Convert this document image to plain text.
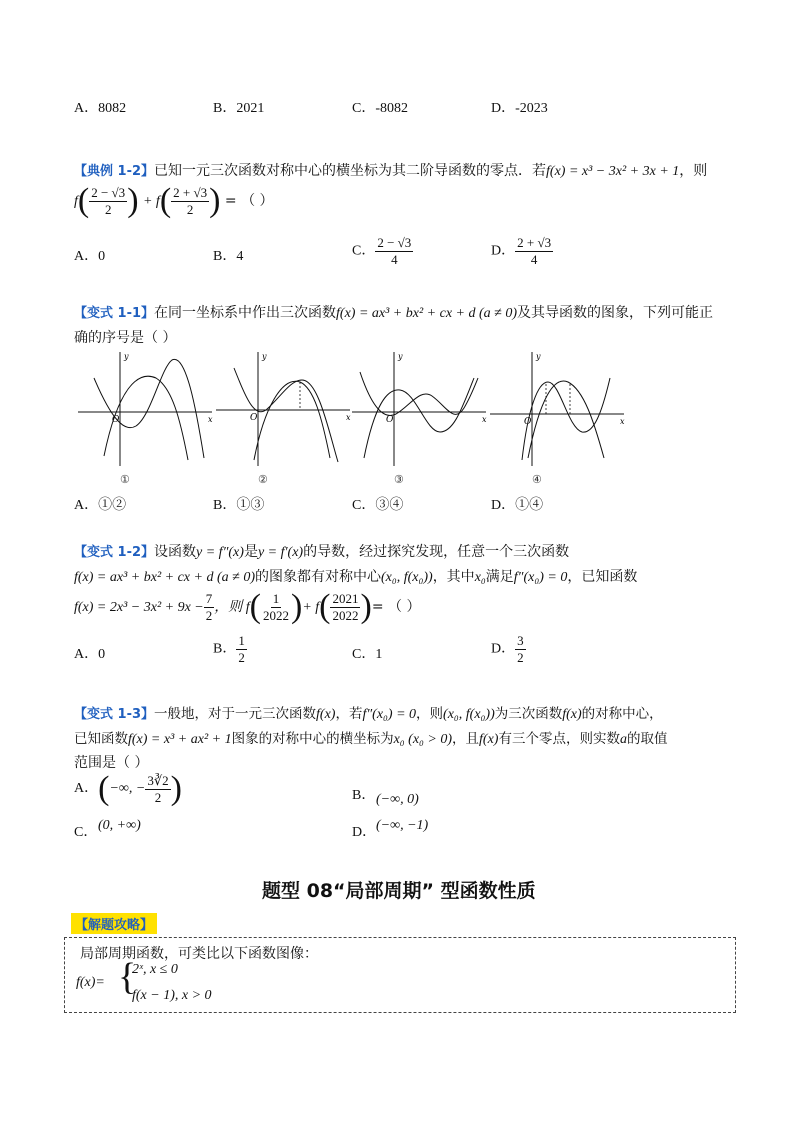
A．8082	B．2021	C．-8082	D．-2023
【典例 1-2】已知一元三次函数对称中心的横坐标为其二阶导函数的零点．若f(x) = x³ − 3x² + 3x + 1，则
$f( \frac{2 - √3}{2}$ ) + $f( \frac{2 + √3}{2}$ ) = （ ）
A．0	B．4	C． $\frac{2 - √3}{4}$	D． $\frac{2 + √3}{4}$
【变式 1-1】在同一坐标系中作出三次函数f(x) = ax³ + bx² + cx + d (a ≠ 0)及其导函数的图象，下列可能正
确的序号是（ ）
y
x
O
①
y
x
O
②
y
x
O
③
y
x
O
④
A．①②	B．①③	C．③④	D．①④
【变式 1-2】设函数y = f″(x)是y = f′(x)的导数，经过探究发现，任意一个三次函数
f(x) = ax³ + bx² + cx + d (a ≠ 0)的图象都有对称中心(x₀, f(x₀))，其中x₀满足f″(x₀) = 0，已知函数
$f(x) = 2x^3 - 3x^2 + 9x - \frac{7}{2}$ ，则 $f( \frac{1}{2022}$ )+ $f( \frac{2021}{2022}$ )= （ ）
A．0	B． $\frac{1}{2}$	C．1	D． $\frac{3}{2}$
【变式 1-3】一般地，对于一元三次函数f(x)，若f″(x₀) = 0，则(x₀, f(x₀))为三次函数f(x)的对称中心，
已知函数f(x) = x³ + ax² + 1图象的对称中心的横坐标为x₀ (x₀ > 0)，且f(x)有三个零点，则实数a的取值
范围是（ ）
A．(−∞, − $\frac{3∛2}{2}$ )	B． (−∞, 0)
C． (0, +∞)	D． (−∞, −1)
题型 08“局部周期” 型函数性质
【解题攻略】
局部周期函数，可类比以下函数图像：
f(x)= {
2ˣ, x ≤ 0
f(x − 1), x > 0
